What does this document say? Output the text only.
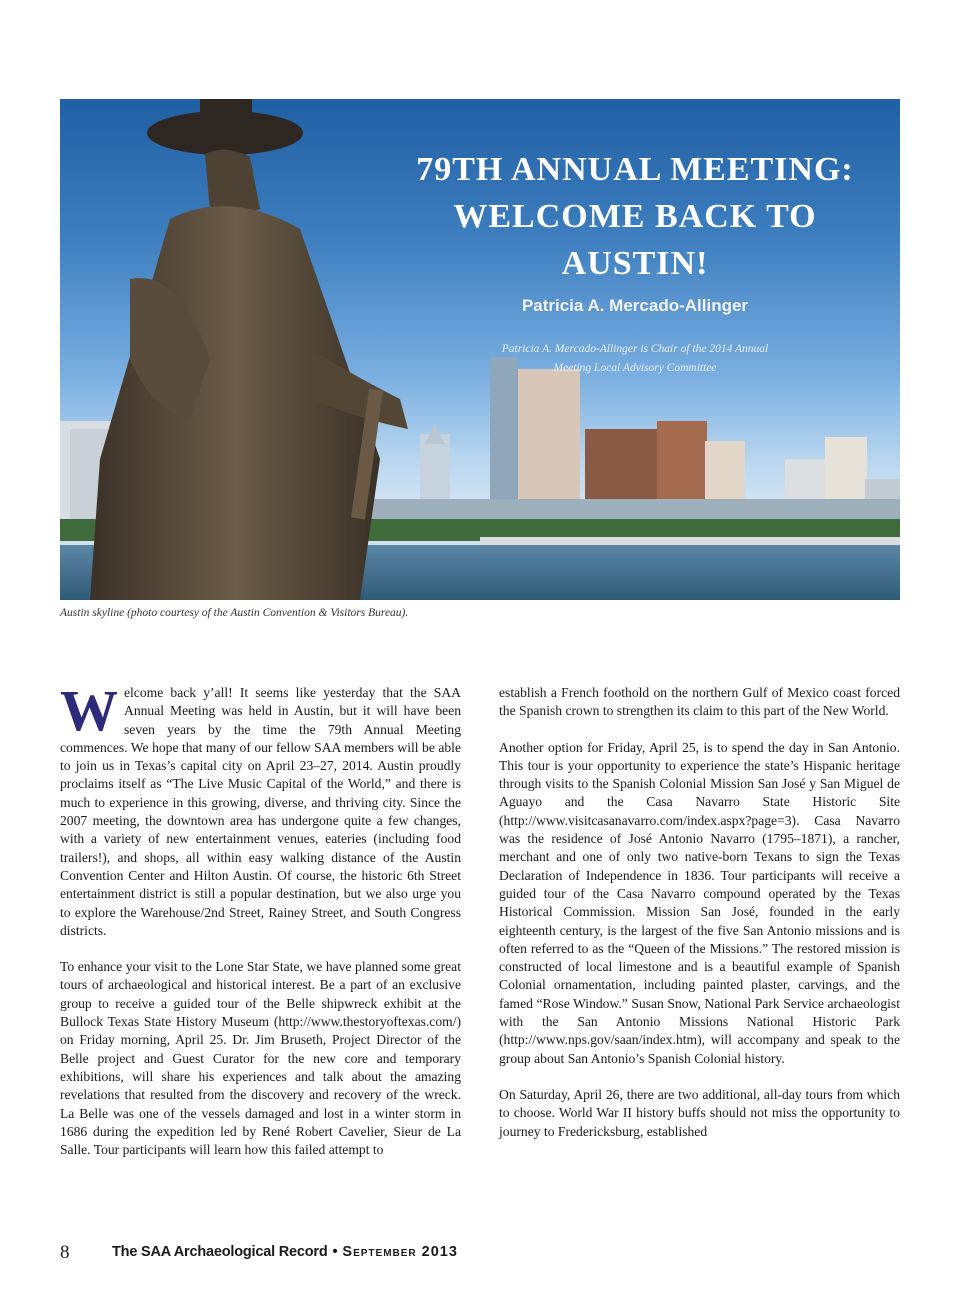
79TH ANNUAL MEETING: WELCOME BACK TO AUSTIN!
Patricia A. Mercado-Allinger
Patricia A. Mercado-Allinger is Chair of the 2014 Annual Meeting Local Advisory Committee
Austin skyline (photo courtesy of the Austin Convention & Visitors Bureau).

Welcome back y’all! It seems like yesterday that the SAA Annual Meeting was held in Austin, but it will have been seven years by the time the 79th Annual Meeting commences. We hope that many of our fellow SAA members will be able to join us in Texas’s capital city on April 23–27, 2014. Austin proudly proclaims itself as “The Live Music Capital of the World,” and there is much to experience in this growing, diverse, and thriving city. Since the 2007 meeting, the downtown area has undergone quite a few changes, with a variety of new entertainment venues, eateries (including food trailers!), and shops, all within easy walking distance of the Austin Convention Center and Hilton Austin. Of course, the historic 6th Street entertainment district is still a popular destination, but we also urge you to explore the Warehouse/2nd Street, Rainey Street, and South Congress districts.

To enhance your visit to the Lone Star State, we have planned some great tours of archaeological and historical interest. Be a part of an exclusive group to receive a guided tour of the Belle shipwreck exhibit at the Bullock Texas State History Museum (http://www.thestoryoftexas.com/) on Friday morning, April 25. Dr. Jim Bruseth, Project Director of the Belle project and Guest Curator for the new core and temporary exhibitions, will share his experiences and talk about the amazing revelations that resulted from the discovery and recovery of the wreck. La Belle was one of the vessels damaged and lost in a winter storm in 1686 during the expedition led by René Robert Cavelier, Sieur de La Salle. Tour participants will learn how this failed attempt to

establish a French foothold on the northern Gulf of Mexico coast forced the Spanish crown to strengthen its claim to this part of the New World.

Another option for Friday, April 25, is to spend the day in San Antonio. This tour is your opportunity to experience the state’s Hispanic heritage through visits to the Spanish Colonial Mission San José y San Miguel de Aguayo and the Casa Navarro State Historic Site (http://www.visitcasanavarro.com/index.aspx?page=3). Casa Navarro was the residence of José Antonio Navarro (1795–1871), a rancher, merchant and one of only two native-born Texans to sign the Texas Declaration of Independence in 1836. Tour participants will receive a guided tour of the Casa Navarro compound operated by the Texas Historical Commission. Mission San José, founded in the early eighteenth century, is the largest of the five San Antonio missions and is often referred to as the “Queen of the Missions.” The restored mission is constructed of local limestone and is a beautiful example of Spanish Colonial ornamentation, including painted plaster, carvings, and the famed “Rose Window.” Susan Snow, National Park Service archaeologist with the San Antonio Missions National Historic Park (http://www.nps.gov/saan/index.htm), will accompany and speak to the group about San Antonio’s Spanish Colonial history.

On Saturday, April 26, there are two additional, all-day tours from which to choose. World War II history buffs should not miss the opportunity to journey to Fredericksburg, established

8	The SAA Archaeological Record • September 2013
